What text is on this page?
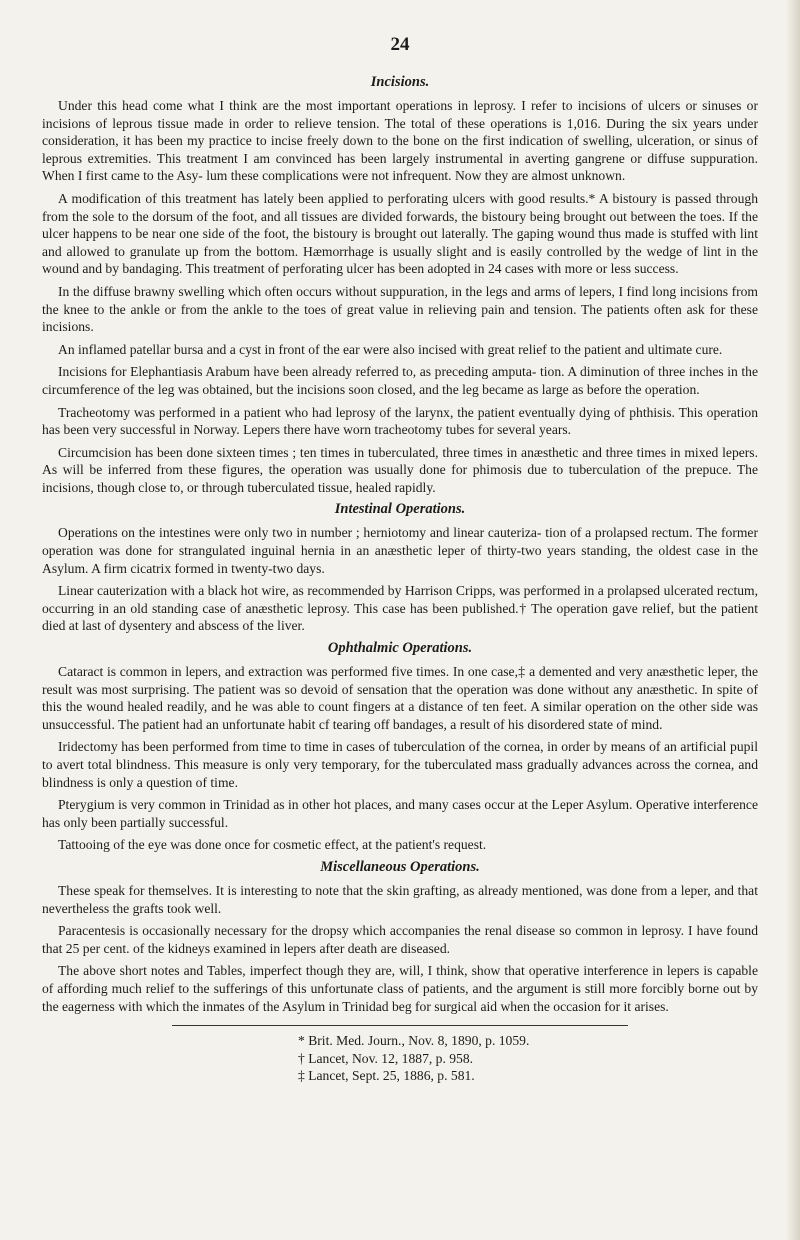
24
Incisions.

Under this head come what I think are the most important operations in leprosy. I refer to incisions of ulcers or sinuses or incisions of leprous tissue made in order to relieve tension. The total of these operations is 1,016. During the six years under consideration, it has been my practice to incise freely down to the bone on the first indication of swelling, ulceration, or sinus of leprous extremities. This treatment I am convinced has been largely instrumental in averting gangrene or diffuse suppuration. When I first came to the Asy- lum these complications were not infrequent. Now they are almost unknown.

A modification of this treatment has lately been applied to perforating ulcers with good results.* A bistoury is passed through from the sole to the dorsum of the foot, and all tissues are divided forwards, the bistoury being brought out between the toes. If the ulcer happens to be near one side of the foot, the bistoury is brought out laterally. The gaping wound thus made is stuffed with lint and allowed to granulate up from the bottom. Hæmorrhage is usually slight and is easily controlled by the wedge of lint in the wound and by bandaging. This treatment of perforating ulcer has been adopted in 24 cases with more or less success.

In the diffuse brawny swelling which often occurs without suppuration, in the legs and arms of lepers, I find long incisions from the knee to the ankle or from the ankle to the toes of great value in relieving pain and tension. The patients often ask for these incisions.

An inflamed patellar bursa and a cyst in front of the ear were also incised with great relief to the patient and ultimate cure.

Incisions for Elephantiasis Arabum have been already referred to, as preceding amputa- tion. A diminution of three inches in the circumference of the leg was obtained, but the incisions soon closed, and the leg became as large as before the operation.

Tracheotomy was performed in a patient who had leprosy of the larynx, the patient eventually dying of phthisis. This operation has been very successful in Norway. Lepers there have worn tracheotomy tubes for several years.

Circumcision has been done sixteen times ; ten times in tuberculated, three times in anæsthetic and three times in mixed lepers. As will be inferred from these figures, the operation was usually done for phimosis due to tuberculation of the prepuce. The incisions, though close to, or through tuberculated tissue, healed rapidly.

Intestinal Operations.

Operations on the intestines were only two in number ; herniotomy and linear cauteriza- tion of a prolapsed rectum. The former operation was done for strangulated inguinal hernia in an anæsthetic leper of thirty-two years standing, the oldest case in the Asylum. A firm cicatrix formed in twenty-two days.

Linear cauterization with a black hot wire, as recommended by Harrison Cripps, was performed in a prolapsed ulcerated rectum, occurring in an old standing case of anæsthetic leprosy. This case has been published.† The operation gave relief, but the patient died at last of dysentery and abscess of the liver.

Ophthalmic Operations.

Cataract is common in lepers, and extraction was performed five times. In one case,‡ a demented and very anæsthetic leper, the result was most surprising. The patient was so devoid of sensation that the operation was done without any anæsthetic. In spite of this the wound healed readily, and he was able to count fingers at a distance of ten feet. A similar operation on the other side was unsuccessful. The patient had an unfortunate habit cf tearing off bandages, a result of his disordered state of mind.

Iridectomy has been performed from time to time in cases of tuberculation of the cornea, in order by means of an artificial pupil to avert total blindness. This measure is only very temporary, for the tuberculated mass gradually advances across the cornea, and blindness is only a question of time.

Pterygium is very common in Trinidad as in other hot places, and many cases occur at the Leper Asylum. Operative interference has only been partially successful.

Tattooing of the eye was done once for cosmetic effect, at the patient's request.

Miscellaneous Operations.

These speak for themselves. It is interesting to note that the skin grafting, as already mentioned, was done from a leper, and that nevertheless the grafts took well.

Paracentesis is occasionally necessary for the dropsy which accompanies the renal disease so common in leprosy. I have found that 25 per cent. of the kidneys examined in lepers after death are diseased.

The above short notes and Tables, imperfect though they are, will, I think, show that operative interference in lepers is capable of affording much relief to the sufferings of this unfortunate class of patients, and the argument is still more forcibly borne out by the eagerness with which the inmates of the Asylum in Trinidad beg for surgical aid when the occasion for it arises.

* Brit. Med. Journ., Nov. 8, 1890, p. 1059.

† Lancet, Nov. 12, 1887, p. 958.

‡ Lancet, Sept. 25, 1886, p. 581.
